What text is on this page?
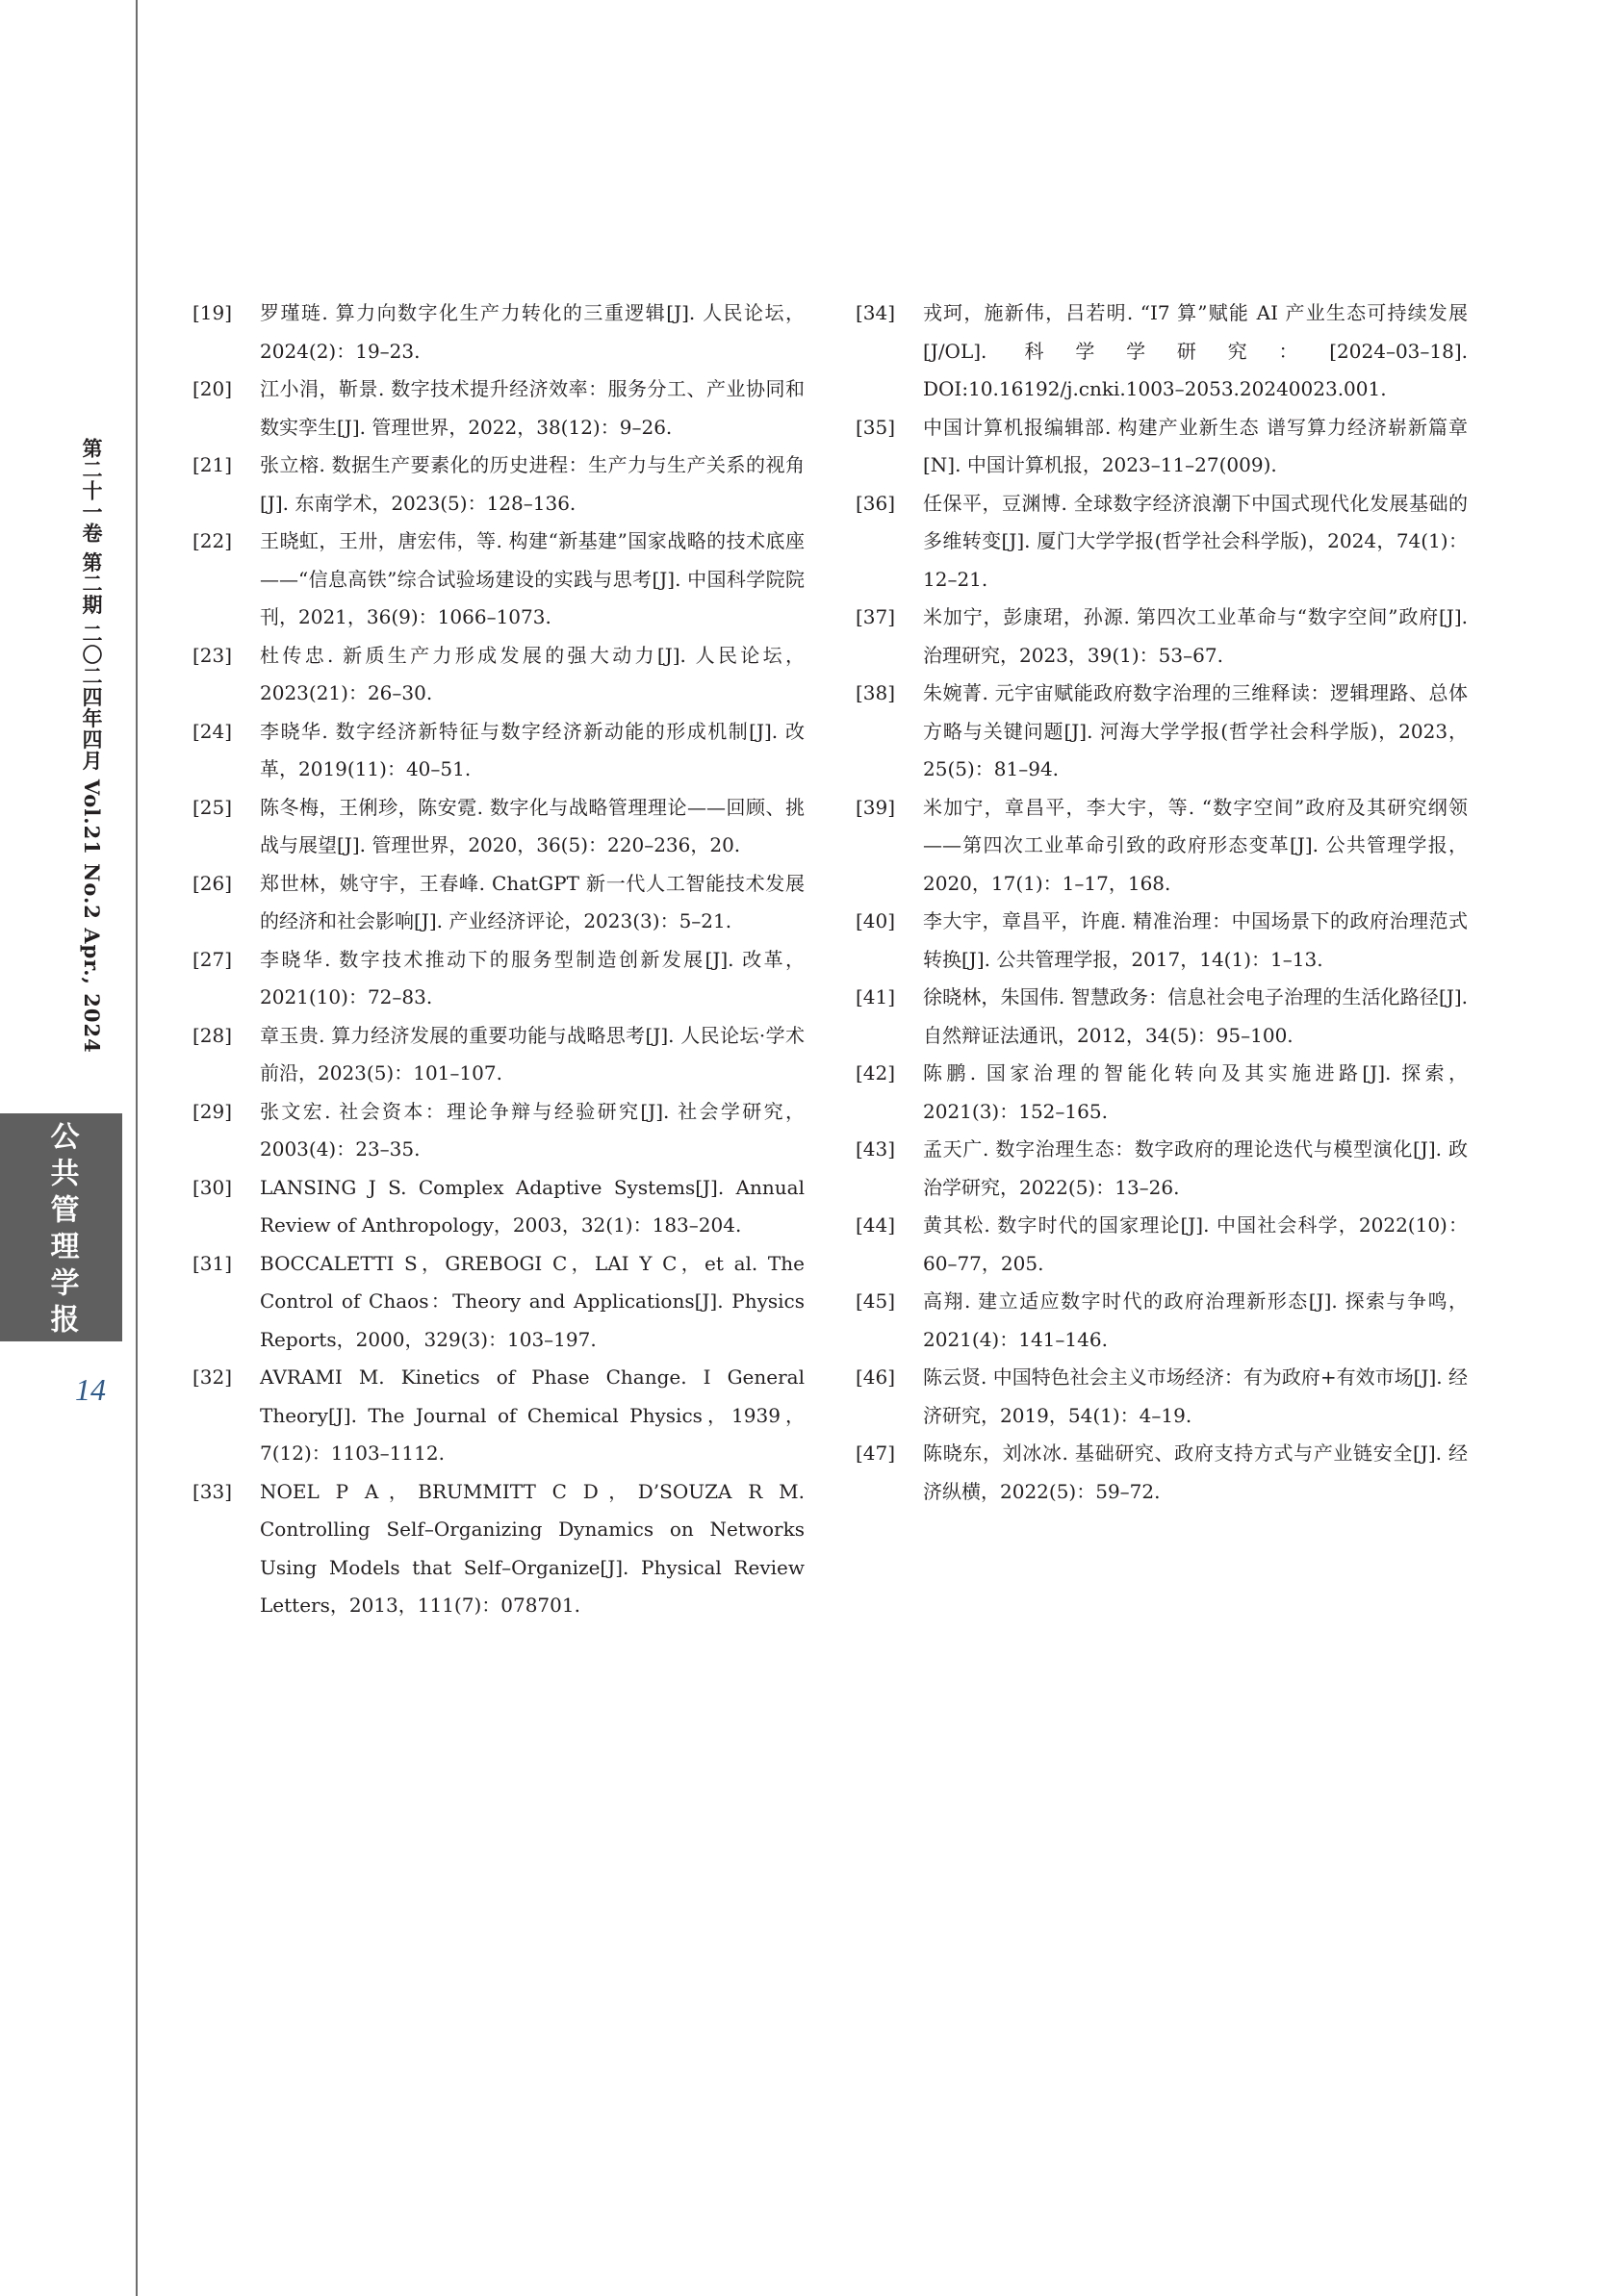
第二十一卷 第二期 二〇二四年四月 Vol.21 No.2 Apr., 2024
公共管理学报
14
[19]	罗瑾琏. 算力向数字化生产力转化的三重逻辑[J]. 人民论坛，2024(2)：19–23.
[20]	江小涓，靳景. 数字技术提升经济效率：服务分工、产业协同和数实孪生[J]. 管理世界，2022，38(12)：9–26.
[21]	张立榕. 数据生产要素化的历史进程：生产力与生产关系的视角[J]. 东南学术，2023(5)：128–136.
[22]	王晓虹，王卅，唐宏伟，等. 构建“新基建”国家战略的技术底座——“信息高铁”综合试验场建设的实践与思考[J]. 中国科学院院刊，2021，36(9)：1066–1073.
[23]	杜传忠. 新质生产力形成发展的强大动力[J]. 人民论坛，2023(21)：26–30.
[24]	李晓华. 数字经济新特征与数字经济新动能的形成机制[J]. 改革，2019(11)：40–51.
[25]	陈冬梅，王俐珍，陈安霓. 数字化与战略管理理论——回顾、挑战与展望[J]. 管理世界，2020，36(5)：220–236，20.
[26]	郑世林，姚守宇，王春峰. ChatGPT 新一代人工智能技术发展的经济和社会影响[J]. 产业经济评论，2023(3)：5–21.
[27]	李晓华. 数字技术推动下的服务型制造创新发展[J]. 改革，2021(10)：72–83.
[28]	章玉贵. 算力经济发展的重要功能与战略思考[J]. 人民论坛·学术前沿，2023(5)：101–107.
[29]	张文宏. 社会资本：理论争辩与经验研究[J]. 社会学研究，2003(4)：23–35.
[30]	LANSING J S. Complex Adaptive Systems[J]. Annual Review of Anthropology，2003，32(1)：183–204.
[31]	BOCCALETTI S，GREBOGI C，LAI Y C，et al. The Control of Chaos：Theory and Applications[J]. Physics Reports，2000，329(3)：103–197.
[32]	AVRAMI M. Kinetics of Phase Change. I General Theory[J]. The Journal of Chemical Physics，1939，7(12)：1103–1112.
[33]	NOEL P A，BRUMMITT C D，D’SOUZA R M. Controlling Self–Organizing Dynamics on Networks Using Models that Self–Organize[J]. Physical Review Letters，2013，111(7)：078701.
[34]	戎珂，施新伟，吕若明. “I7 算”赋能 AI 产业生态可持续发展[J/OL]. 科学学研究：[2024–03–18]. DOI:10.16192/j.cnki.1003–2053.20240023.001.
[35]	中国计算机报编辑部. 构建产业新生态 谱写算力经济崭新篇章[N]. 中国计算机报，2023–11–27(009).
[36]	任保平，豆渊博. 全球数字经济浪潮下中国式现代化发展基础的多维转变[J]. 厦门大学学报(哲学社会科学版)，2024，74(1)：12–21.
[37]	米加宁，彭康珺，孙源. 第四次工业革命与“数字空间”政府[J]. 治理研究，2023，39(1)：53–67.
[38]	朱婉菁. 元宇宙赋能政府数字治理的三维释读：逻辑理路、总体方略与关键问题[J]. 河海大学学报(哲学社会科学版)，2023，25(5)：81–94.
[39]	米加宁，章昌平，李大宇，等. “数字空间”政府及其研究纲领——第四次工业革命引致的政府形态变革[J]. 公共管理学报，2020，17(1)：1–17，168.
[40]	李大宇，章昌平，许鹿. 精准治理：中国场景下的政府治理范式转换[J]. 公共管理学报，2017，14(1)：1–13.
[41]	徐晓林，朱国伟. 智慧政务：信息社会电子治理的生活化路径[J]. 自然辩证法通讯，2012，34(5)：95–100.
[42]	陈鹏. 国家治理的智能化转向及其实施进路[J]. 探索，2021(3)：152–165.
[43]	孟天广. 数字治理生态：数字政府的理论迭代与模型演化[J]. 政治学研究，2022(5)：13–26.
[44]	黄其松. 数字时代的国家理论[J]. 中国社会科学，2022(10)：60–77，205.
[45]	高翔. 建立适应数字时代的政府治理新形态[J]. 探索与争鸣，2021(4)：141–146.
[46]	陈云贤. 中国特色社会主义市场经济：有为政府+有效市场[J]. 经济研究，2019，54(1)：4–19.
[47]	陈晓东，刘冰冰. 基础研究、政府支持方式与产业链安全[J]. 经济纵横，2022(5)：59–72.
